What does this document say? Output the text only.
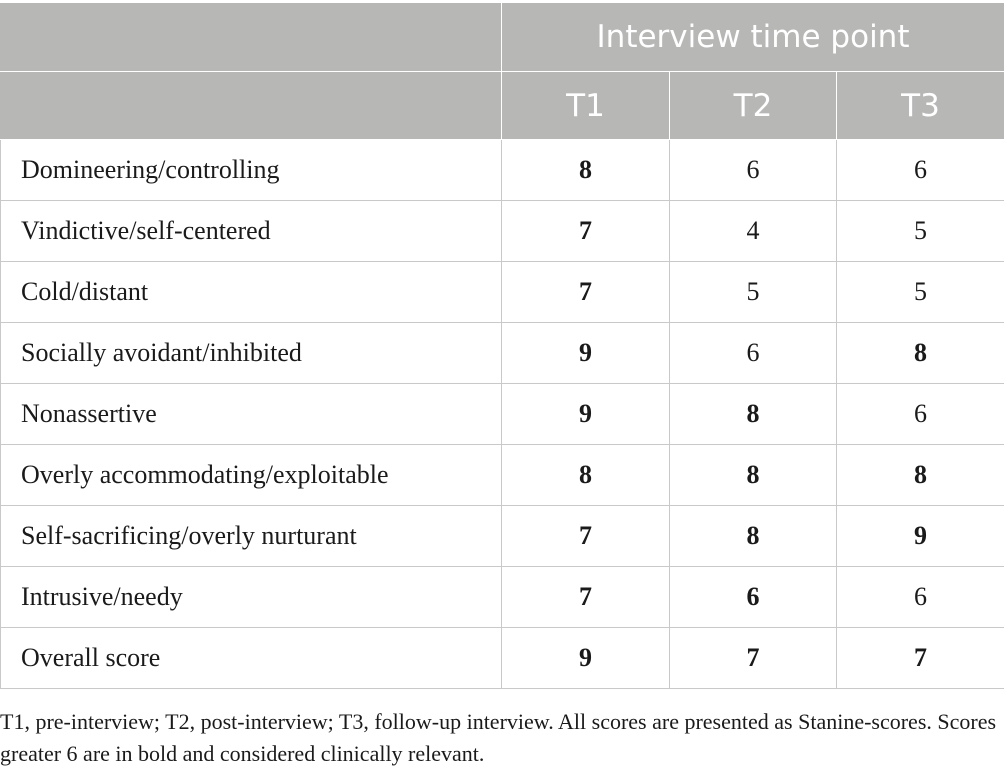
	Interview time point		
	T1	T2	T3
Domineering/controlling	8	6	6
Vindictive/self-centered	7	4	5
Cold/distant	7	5	5
Socially avoidant/inhibited	9	6	8
Nonassertive	9	8	6
Overly accommodating/exploitable	8	8	8
Self-sacrificing/overly nurturant	7	8	9
Intrusive/needy	7	6	6
Overall score	9	7	7

T1, pre-interview; T2, post-interview; T3, follow-up interview. All scores are presented as Stanine-scores. Scores greater 6 are in bold and considered clinically relevant.
